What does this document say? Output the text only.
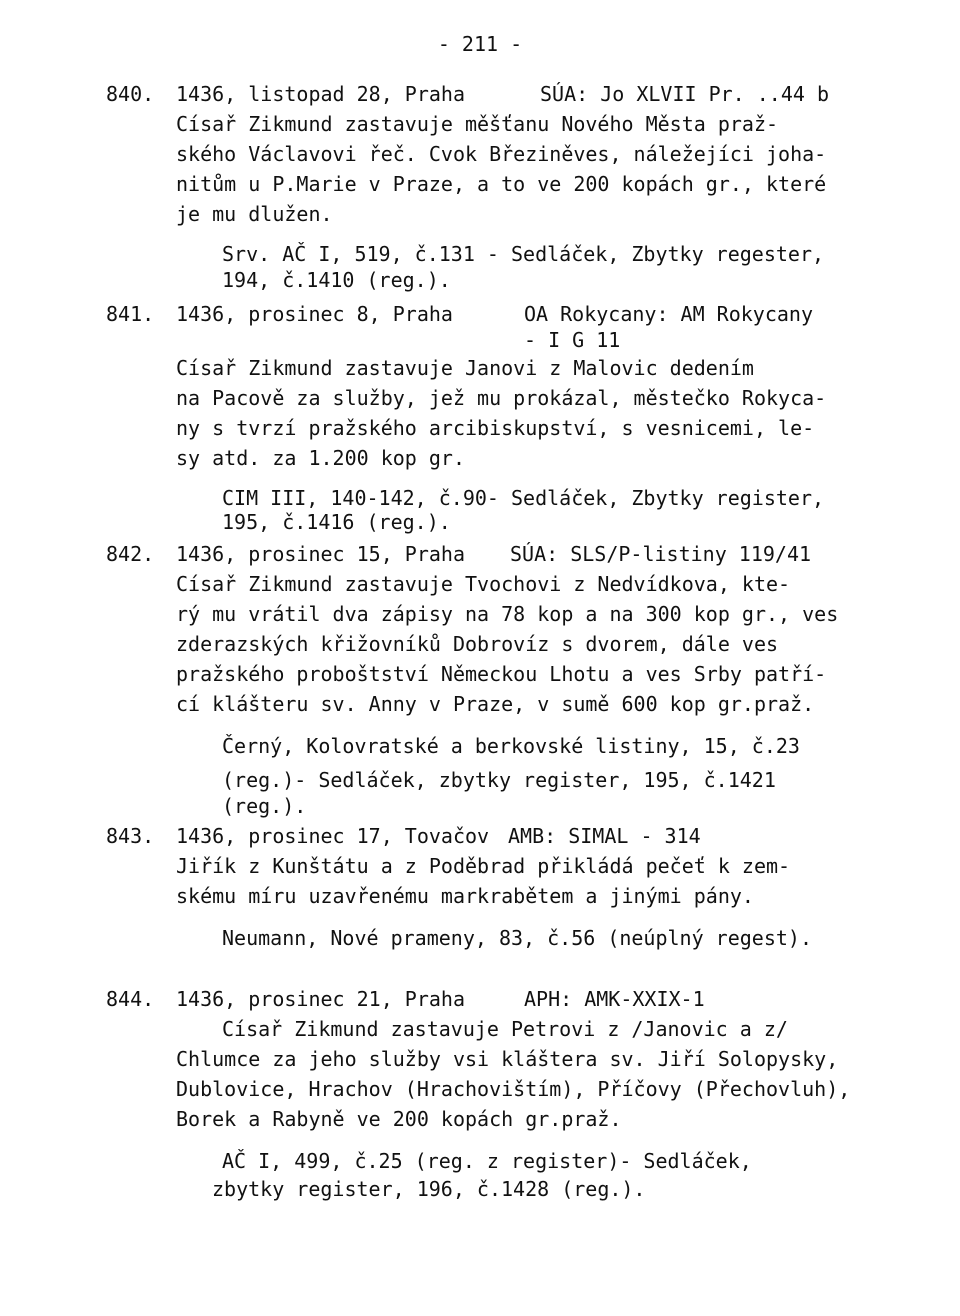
- 211 -
840. 1436, listopad 28, Praha	SÚA: Jo XLVII Pr. ..44 b
Císař Zikmund zastavuje měšťanu Nového Města praž-
ského Václavovi řeč. Cvok Březiněves, náležejíci joha-
nitům u P.Marie v Praze, a to ve 200 kopách gr., které
je mu dlužen.
Srv. AČ I, 519, č.131 - Sedláček, Zbytky regester,
194, č.1410 (reg.).
841. 1436, prosinec 8, Praha	OA Rokycany: AM Rokycany
- I G 11
Císař Zikmund zastavuje Janovi z Malovic dedením
na Pacově za služby, jež mu prokázal, městečko Rokyca-
ny s tvrzí pražského arcibiskupství, s vesnicemi, le-
sy atd. za 1.200 kop gr.
CIM III, 140-142, č.90- Sedláček, Zbytky register,
195, č.1416 (reg.).
842. 1436, prosinec 15, Praha SÚA: SLS/P-listiny 119/41
Císař Zikmund zastavuje Tvochovi z Nedvídkova, kte-
rý mu vrátil dva zápisy na 78 kop a na 300 kop gr., ves
zderazských křižovníků Dobrovíz s dvorem, dále ves
pražského proboštství Německou Lhotu a ves Srby patří-
cí klášteru sv. Anny v Praze, v sumě 600 kop gr.praž.
Černý, Kolovratské a berkovské listiny, 15, č.23
(reg.)- Sedláček, zbytky register, 195, č.1421
(reg.).
843. 1436, prosinec 17, Tovačov AMB: SIMAL - 314
Jiřík z Kunštátu a z Poděbrad přikládá pečeť k zem-
skému míru uzavřenému markrabětem a jinými pány.
Neumann, Nové prameny, 83, č.56 (neúplný regest).
844. 1436, prosinec 21, Praha	APH: AMK-XXIX-1
Císař Zikmund zastavuje Petrovi z /Janovic a z/
Chlumce za jeho služby vsi kláštera sv. Jiří Solopysky,
Dublovice, Hrachov (Hrachovištím), Příčovy (Přechovluh),
Borek a Rabyně ve 200 kopách gr.praž.
AČ I, 499, č.25 (reg. z register)- Sedláček,
zbytky register, 196, č.1428 (reg.).
